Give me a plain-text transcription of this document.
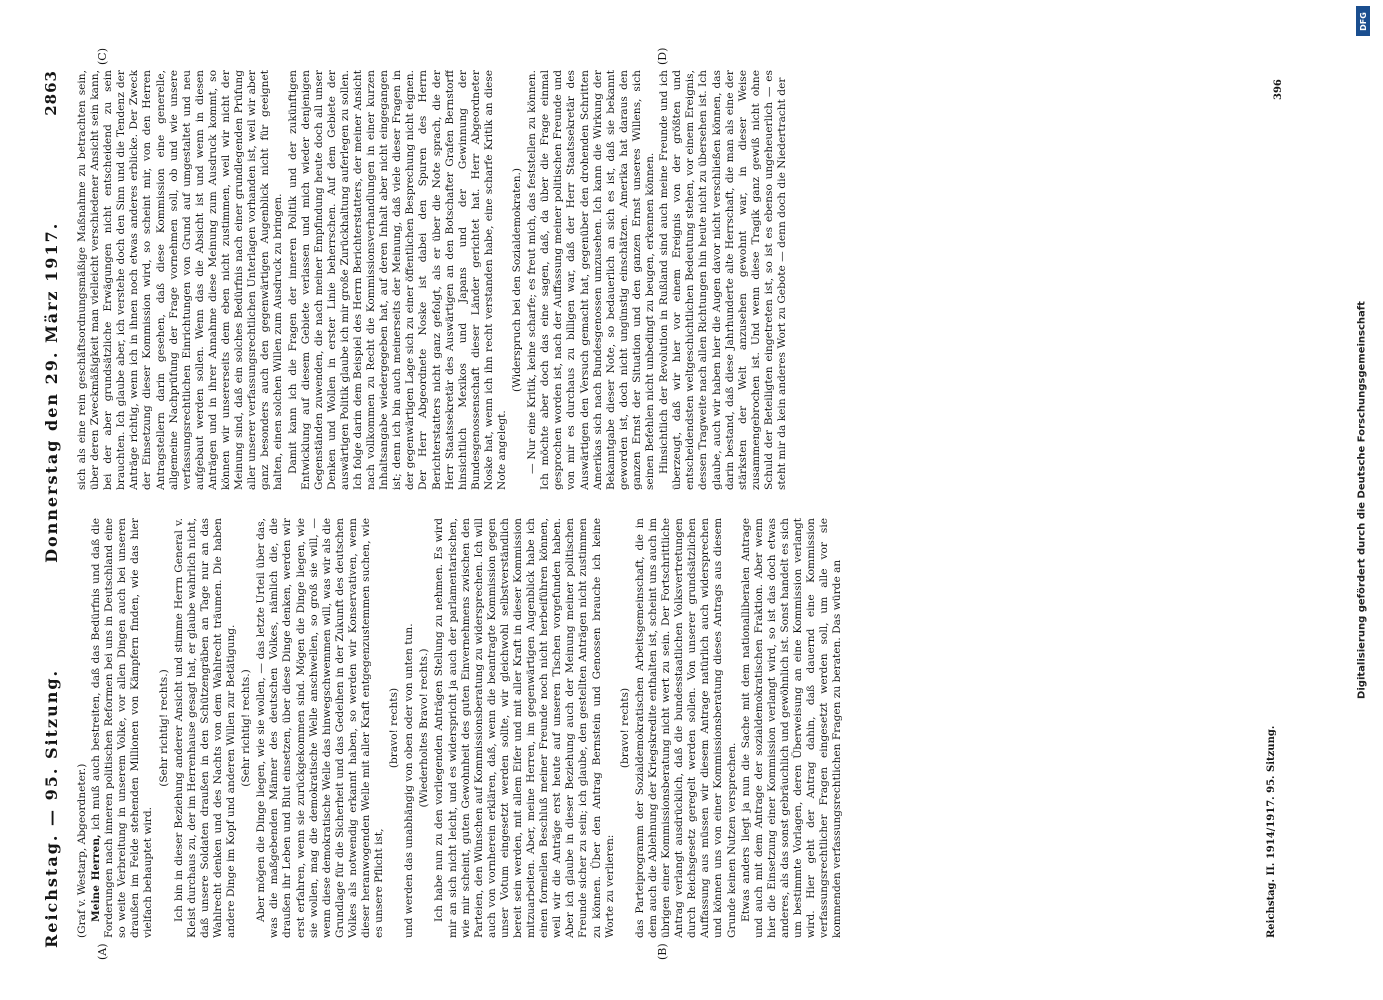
Reichstag. — 95. Sitzung.
Donnerstag den 29. März 1917.
2863
(A)	(B)
(C)	(D)

(Graf v. Westarp, Abgeordneter.) Meine Herren, ich muß auch bestreiten, daß das Bedürfnis und daß die Forderungen nach inneren politischen Reformen bei uns in Deutschland eine so weite Verbreitung in unserem Volke, vor allen Dingen auch bei unseren draußen im Felde stehenden Millionen von Kämpfern finden, wie das hier vielfach behauptet wird.

(Sehr richtig! rechts.) Ich bin in dieser Beziehung anderer Ansicht und stimme Herrn General v. Kleist durchaus zu, der im Herrenhause gesagt hat, er glaube wahrlich nicht, daß unsere Soldaten draußen in den Schützengräben an Tage nur an das Wahlrecht denken und des Nachts von dem Wahlrecht träumen. Die haben andere Dinge im Kopf und anderen Willen zur Betätigung. (Sehr richtig! rechts.) Aber mögen die Dinge liegen, wie sie wollen, — das letzte Urteil über das, was die maßgebenden Männer des deutschen Volkes, nämlich die, die draußen ihr Leben und Blut einsetzen, über diese Dinge denken, werden wir erst erfahren, wenn sie zurückgekommen sind. Mögen die Dinge liegen, wie sie wollen, mag die demokratische Welle anschwellen, so groß sie will, — wenn diese demokratische Welle das hinwegschwemmen will, was wir als die Grundlage für die Sicherheit und das Gedeihen in der Zukunft des deutschen Volkes als notwendig erkannt haben, so werden wir Konservativen, wenn dieser heranwogenden Welle mit aller Kraft entgegenzustemmen suchen, wie es unsere Pflicht ist,

(bravo! rechts) und werden das unabhängig von oben oder von unten tun. (Wiederholtes Bravo! rechts.) Ich habe nun zu den vorliegenden Anträgen Stellung zu nehmen. Es wird mir an sich nicht leicht, und es widerspricht ja auch der parlamentarischen, wie mir scheint, guten Gewohnheit des guten Einvernehmens zwischen den Parteien, den Wünschen auf Kommissionsberatung zu widersprechen. Ich will auch von vornherein erklären, daß, wenn die beantragte Kommission gegen unser Votum eingesetzt werden sollte, wir gleichwohl selbstverständlich bereit sein werden, mit allem Eifer und mit aller Kraft in dieser Kommission mitzuarbeiten. Aber, meine Herren, im gegenwärtigen Augenblick habe ich einen formellen Beschluß meiner Freunde noch nicht herbeiführen können, weil wir die Anträge erst heute auf unseren Tischen vorgefunden haben. Aber ich glaube in dieser Beziehung auch der Meinung meiner politischen Freunde sicher zu sein; ich glaube, den gestellten Anträgen nicht zustimmen zu können. Über den Antrag Bernstein und Genossen brauche ich keine Worte zu verlieren:

(bravo! rechts) das Parteiprogramm der Sozialdemokratischen Arbeitsgemeinschaft, die in dem auch die Ablehnung der Kriegskredite enthalten ist, scheint uns auch im übrigen einer Kommissionsberatung nicht wert zu sein. Der Fortschrittliche Antrag verlangt ausdrücklich, daß die bundesstaatlichen Volksvertretungen durch Reichsgesetz geregelt werden sollen. Von unserer grundsätzlichen Auffassung aus müssen wir diesem Antrage natürlich auch widersprechen und können uns von einer Kommissionsberatung dieses Antrags aus diesem Grunde keinen Nutzen versprechen. Etwas anders liegt ja nun die Sache mit dem nationalliberalen Antrage und auch mit dem Antrage der sozialdemokratischen Fraktion. Aber wenn hier die Einsetzung einer Kommission verlangt wird, so ist das doch etwas anderes, als das sonst gebräuchlich und gewöhnlich ist. Sonst handelt es sich um bestimmte Vorlagen, deren Überweisung an eine Kommission verlangt wird. Hier geht der Antrag dahin, daß dauernd eine Kommission verfassungsrechtlicher Fragen eingesetzt werden soll, um alle vor sie kommenden verfassungsrechtlichen Fragen zu beraten. Das würde an

sich als eine rein geschäftsordnungsmäßige Maßnahme zu betrachten sein, über deren Zweckmäßigkeit man vielleicht verschiedener Ansicht sein kann, bei der aber grundsätzliche Erwägungen nicht entscheidend zu sein brauchten. Ich glaube aber, ich verstehe doch den Sinn und die Tendenz der Anträge richtig, wenn ich in ihnen noch etwas anderes erblicke. Der Zweck der Einsetzung dieser Kommission wird, so scheint mir, von den Herren Antragstellern darin gesehen, daß diese Kommission eine generelle, allgemeine Nachprüfung der Frage vornehmen soll, ob und wie unsere verfassungsrechtlichen Einrichtungen von Grund auf umgestaltet und neu aufgebaut werden sollen. Wenn das die Absicht ist und wenn in diesen Anträgen und in ihrer Annahme diese Meinung zum Ausdruck kommt, so können wir unsererseits dem eben nicht zustimmen, weil wir nicht der Meinung sind, daß ein solches Bedürfnis nach einer grundlegenden Prüfung aller unserer verfassungsrechtlichen Unterlagen vorhanden ist, weil wir aber ganz besonders auch den gegenwärtigen Augenblick nicht für geeignet halten, einen solchen Willen zum Ausdruck zu bringen. Damit kann ich die Fragen der inneren Politik und der zukünftigen Entwicklung auf diesem Gebiete verlassen und mich wieder denjenigen Gegenständen zuwenden, die nach meiner Empfindung heute doch all unser Denken und Wollen in erster Linie beherrschen. Auf dem Gebiete der auswärtigen Politik glaube ich mir große Zurückhaltung auferlegen zu sollen. Ich folge darin dem Beispiel des Herrn Berichterstatters, der meiner Ansicht nach vollkommen zu Recht die Kommissionsverhandlungen in einer kurzen Inhaltsangabe wiedergegeben hat, auf deren Inhalt aber nicht eingegangen ist; denn ich bin auch meinerseits der Meinung, daß viele dieser Fragen in der gegenwärtigen Lage sich zu einer öffentlichen Besprechung nicht eignen. Der Herr Abgeordnete Noske ist dabei den Spuren des Herrn Berichterstatters nicht ganz gefolgt, als er über die Note sprach, die der Herr Staatssekretär des Auswärtigen an den Botschafter Grafen Bernstorff hinsichtlich Mexikos und Japans und der Gewinnung der Bundesgenossenschaft dieser Länder gerichtet hat. Herr Abgeordneter Noske hat, wenn ich ihn recht verstanden habe, eine scharfe Kritik an diese Note angelegt.

(Widerspruch bei den Sozialdemokraten.) — Nur eine Kritik, keine scharfe; es freut mich, das feststellen zu können. Ich möchte aber doch das eine sagen, daß, da über die Frage einmal gesprochen worden ist, nach der Auffassung meiner politischen Freunde und von mir es durchaus zu billigen war, daß der Herr Staatssekretär des Auswärtigen den Versuch gemacht hat, gegenüber den drohenden Schritten Amerikas sich nach Bundesgenossen umzusehen. Ich kann die Wirkung der Bekanntgabe dieser Note, so bedauerlich an sich es ist, daß sie bekannt geworden ist, doch nicht ungünstig einschätzen. Amerika hat daraus den ganzen Ernst der Situation und den ganzen Ernst unseres Willens, sich seinen Befehlen nicht unbedingt zu beugen, erkennen können. Hinsichtlich der Revolution in Rußland sind auch meine Freunde und ich überzeugt, daß wir hier vor einem Ereignis von der größten und entscheidendsten weltgeschichtlichen Bedeutung stehen, vor einem Ereignis, dessen Tragweite nach allen Richtungen hin heute nicht zu übersehen ist. Ich glaube, auch wir haben hier die Augen davor nicht verschließen können, das darin bestand, daß diese Jahrhunderte alte Herrschaft, die man als eine der stärksten der Welt anzusehen gewohnt war, in dieser Weise zusammengebrochen ist. Und wenn diese Tragik ganz gewiß nicht ohne Schuld der Beteiligten eingetreten ist, so ist es ebenso ungeheuerlich — es steht mir da kein anderes Wort zu Gebote — denn doch die Niedertracht der

Reichstag. II. 1914/1917. 95. Sitzung.
396
Digitalisierung gefördert durch die Deutsche Forschungsgemeinschaft
DFG
